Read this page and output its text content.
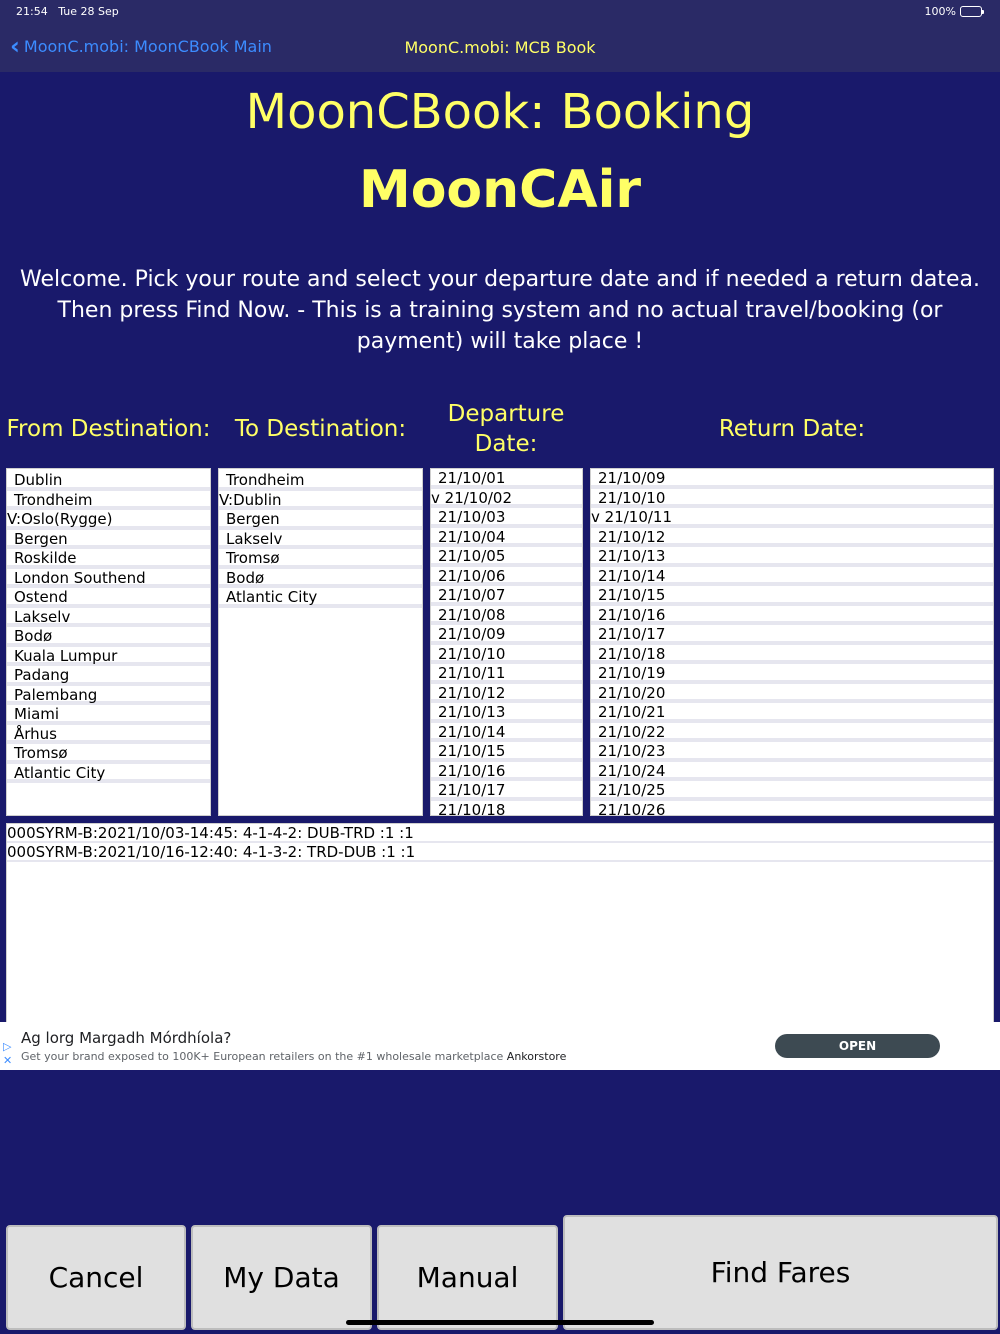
21:54 Tue 28 Sep	100%
‹ MoonC.mobi: MoonCBook Main	MoonC.mobi: MCB Book
MoonCBook: Booking
MoonCAir
Welcome. Pick your route and select your departure date and if needed a return datea. Then press Find Now. - This is a training system and no actual travel/booking (or payment) will take place !
From Destination:	To Destination:
Departure Date:
Return Date:
Dublin
Trondheim
V:Oslo(Rygge)
Bergen
Roskilde
London Southend
Ostend
Lakselv
Bodø
Kuala Lumpur
Padang
Palembang
Miami
Århus
Tromsø
Atlantic City
Trondheim
V:Dublin
Bergen
Lakselv
Tromsø
Bodø
Atlantic City
21/10/01
v 21/10/02
21/10/03
21/10/04
21/10/05
21/10/06
21/10/07
21/10/08
21/10/09
21/10/10
21/10/11
21/10/12
21/10/13
21/10/14
21/10/15
21/10/16
21/10/17
21/10/18
21/10/09
21/10/10
v 21/10/11
21/10/12
21/10/13
21/10/14
21/10/15
21/10/16
21/10/17
21/10/18
21/10/19
21/10/20
21/10/21
21/10/22
21/10/23
21/10/24
21/10/25
21/10/26
000SYRM-B:2021/10/03-14:45: 4-1-4-2: DUB-TRD :1 :1
000SYRM-B:2021/10/16-12:40: 4-1-3-2: TRD-DUB :1 :1
▷
✕
Ag lorg Margadh Mórdhíola?
Get your brand exposed to 100K+ European retailers on the #1 wholesale marketplace Ankorstore
OPEN
Cancel	My Data	Manual	Find Fares
